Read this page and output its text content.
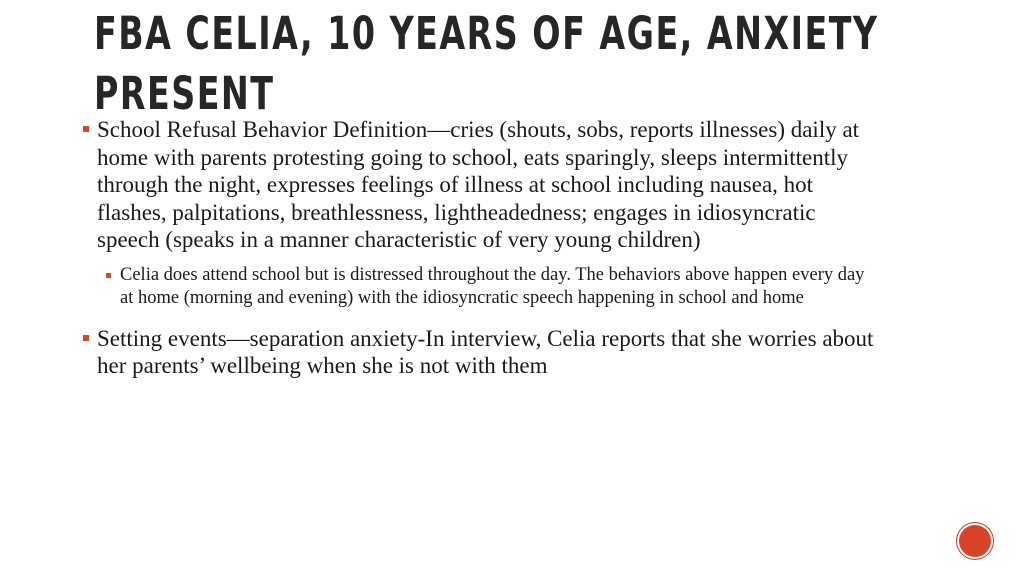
FBA CELIA, 10 YEARS OF AGE, ANXIETY PRESENT
School Refusal Behavior Definition—cries (shouts, sobs, reports illnesses) daily at home with parents protesting going to school, eats sparingly, sleeps intermittently through the night, expresses feelings of illness at school including nausea, hot flashes, palpitations, breathlessness, lightheadedness; engages in idiosyncratic speech (speaks in a manner characteristic of very young children)
Celia does attend school but is distressed throughout the day. The behaviors above happen every day at home (morning and evening) with the idiosyncratic speech happening in school and home
Setting events—separation anxiety-In interview, Celia reports that she worries about her parents’ wellbeing when she is not with them
